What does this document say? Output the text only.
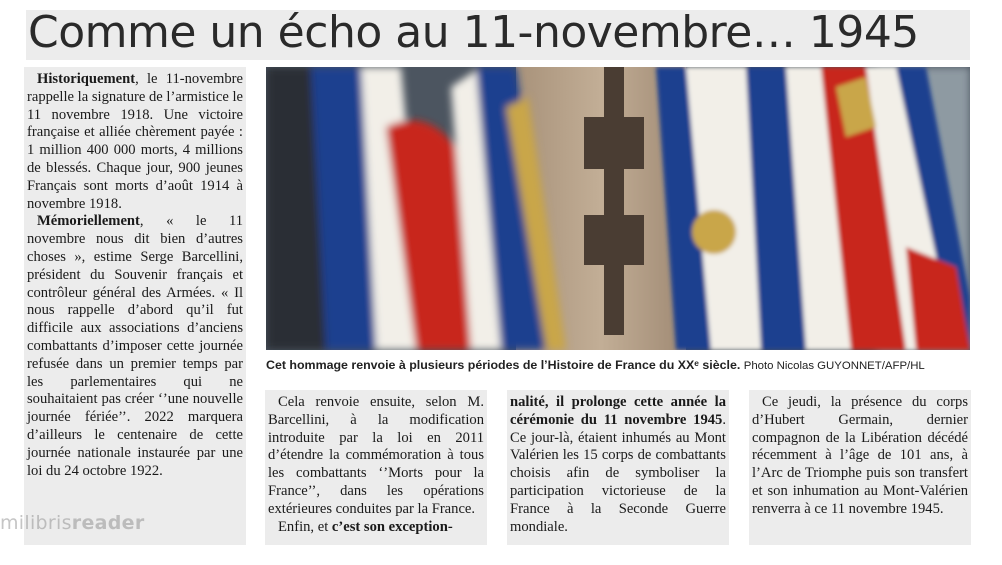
Comme un écho au 11-novembre… 1945

Historiquement, le 11-novembre rappelle la signature de l’armistice le 11 novembre 1918. Une victoire française et alliée chèrement payée : 1 million 400 000 morts, 4 millions de blessés. Chaque jour, 900 jeunes Français sont morts d’août 1914 à novembre 1918.

Mémoriellement, « le 11 novembre nous dit bien d’autres choses », estime Serge Barcellini, président du Souvenir français et contrôleur général des Armées. « Il nous rappelle d’abord qu’il fut difficile aux associations d’anciens combattants d’imposer cette journée refusée dans un premier temps par les parlementaires qui ne souhaitaient pas créer ‘’une nouvelle journée fériée’’. 2022 marquera d’ailleurs le centenaire de cette journée nationale instaurée par une loi du 24 octobre 1922.

Cet hommage renvoie à plusieurs périodes de l’Histoire de France du XXᵉ siècle. Photo Nicolas GUYONNET/AFP/HL

Cela renvoie ensuite, selon M. Barcellini, à la modification introduite par la loi en 2011 d’étendre la commémoration à tous les combattants ‘’Morts pour la France’’, dans les opérations extérieures conduites par la France.

Enfin, et c’est son exception-

nalité, il prolonge cette année la cérémonie du 11 novembre 1945. Ce jour-là, étaient inhumés au Mont Valérien les 15 corps de combattants choisis afin de symboliser la participation victorieuse de la France à la Seconde Guerre mondiale.

Ce jeudi, la présence du corps d’Hubert Germain, dernier compagnon de la Libération décédé récemment à l’âge de 101 ans, à l’Arc de Triomphe puis son transfert et son inhumation au Mont-Valérien renverra à ce 11 novembre 1945.

milibrisreader
